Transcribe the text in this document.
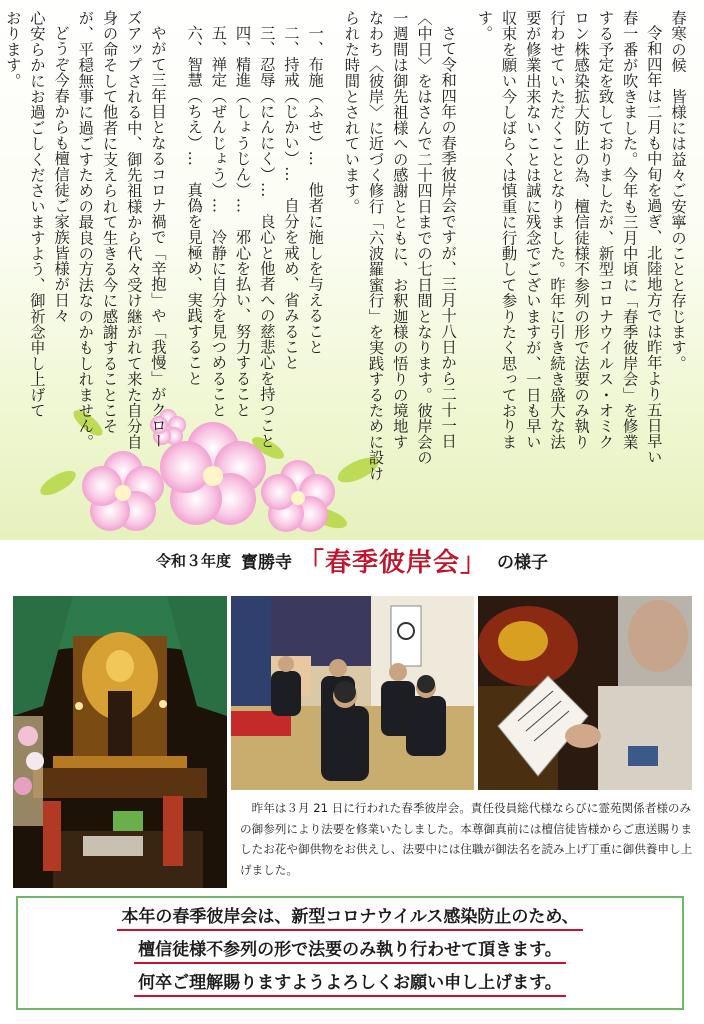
春寒の候　皆様には益々ご安寧のことと存じます。
令和四年は二月も中旬を過ぎ、北陸地方では昨年より五日早い
春一番が吹きました。今年も三月中頃に「春季彼岸会」を修業
する予定を致しておりましたが、新型コロナウイルス・オミク
ロン株感染拡大防止の為、檀信徒様不参列の形で法要のみ執り
行わせていただくこととなりました。昨年に引き続き盛大な法
要が修業出来ないことは誠に残念でございますが、一日も早い
収束を願い今しばらくは慎重に行動して参りたく思っておりま
す。
さて令和四年の春季彼岸会ですが、三月十八日から二十一日
〈中日〉をはさんで二十四日までの七日間となります。彼岸会の
一週間は御先祖様への感謝とともに、お釈迦様の悟りの境地す
なわち〈彼岸〉に近づく修行「六波羅蜜行」を実践するために設け
られた時間とされています。
一、布施（ふせ）…　他者に施しを与えること
二、持戒（じかい）…　自分を戒め、省みること
三、忍辱（にんにく）…　良心と他者への慈悲心を持つこと
四、精進（しょうじん）…　邪心を払い、努力すること
五、禅定（ぜんじょう）…　冷静に自分を見つめること
六、智慧（ちえ）…　真偽を見極め、実践すること
やがて三年目となるコロナ禍で「辛抱」や「我慢」がクロー
ズアップされる中、御先祖様から代々受け継がれて来た自分自
身の命そして他者に支えられて生きる今に感謝することこそ
が、平穏無事に過ごすための最良の方法なのかもしれません。
どうぞ今春からも檀信徒ご家族皆様が日々
心安らかにお過ごしくださいますよう、御祈念申し上げて
おります。
令和３年度 寳勝寺 「春季彼岸会」 の様子
昨年は３月 21 日に行われた春季彼岸会。責任役員総代様ならびに霊苑関係者様のみの御参列により法要を修業いたしました。本尊御真前には檀信徒皆様からご恵送賜りましたお花や御供物をお供えし、法要中には住職が御法名を読み上げ丁重に御供養申し上げました。
本年の春季彼岸会は、新型コロナウイルス感染防止のため、
檀信徒様不参列の形で法要のみ執り行わせて頂きます。
何卒ご理解賜りますようよろしくお願い申し上げます。
